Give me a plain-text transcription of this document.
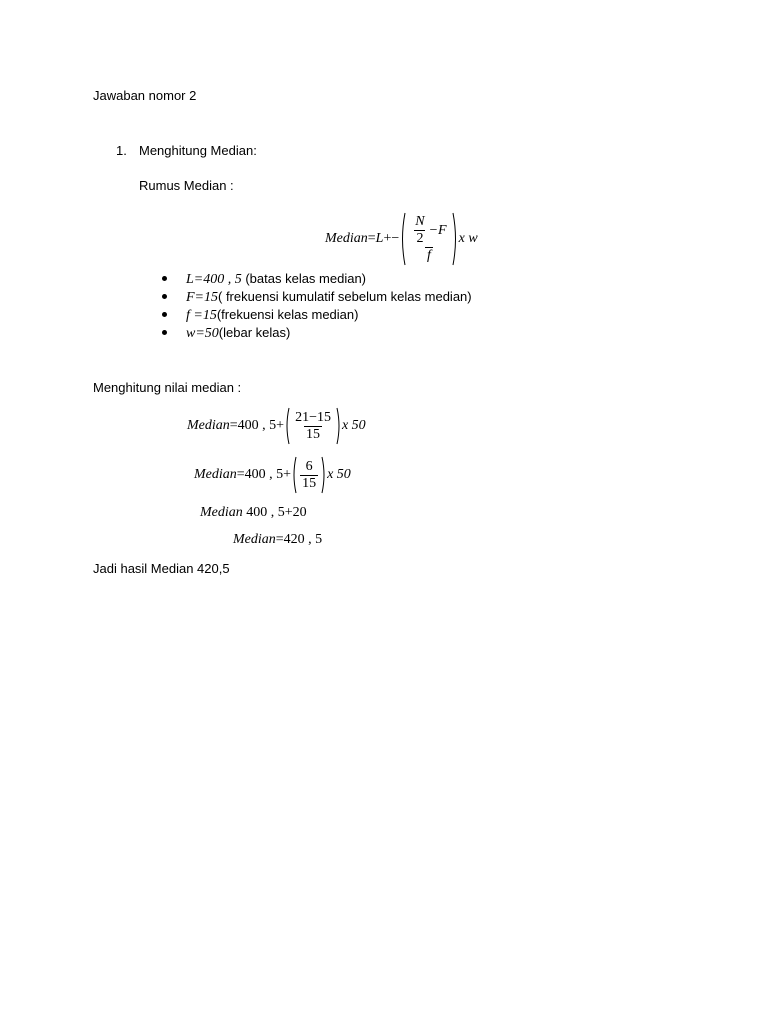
Jawaban nomor 2
1. Menghitung Median:
Rumus Median :
Median = $L +- \frac{\frac{N}{2} -F}{f}$ x w
L=400 , 5 (batas kelas median)
F=15( frekuensi kumulatif sebelum kelas median)
f =15(frekuensi kelas median)
w=50(lebar kelas)
Menghitung nilai median :
Median =400 , $5+ \frac{21-15}{15}$ x 50
Median =400 , $5+ \frac{6}{15}$ x 50
Median 400 , 5+20
Median=420 , 5
Jadi hasil Median 420,5
